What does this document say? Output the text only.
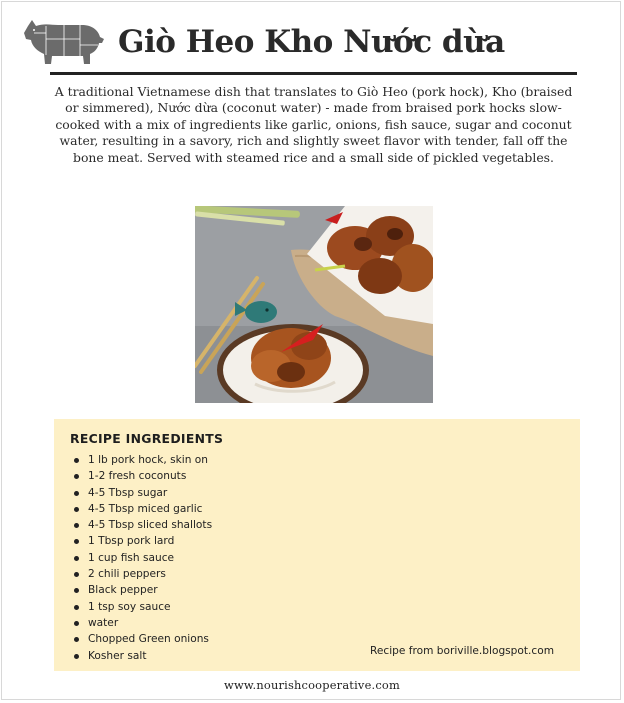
Giò Heo Kho Nước dừa

A traditional Vietnamese dish that translates to Giò Heo (pork hock), Kho (braised or simmered), Nước dừa (coconut water) - made from braised pork hocks slow-cooked with a mix of ingredients like garlic, onions, fish sauce, sugar and coconut water, resulting in a savory, rich and slightly sweet flavor with tender, fall off the bone meat. Served with steamed rice and a small side of pickled vegetables.

RECIPE INGREDIENTS
1 lb pork hock, skin on
1-2 fresh coconuts
4-5 Tbsp sugar
4-5 Tbsp miced garlic
4-5 Tbsp sliced shallots
1 Tbsp pork lard
1 cup fish sauce
2 chili peppers
Black pepper
1 tsp soy sauce
water
Chopped Green onions
Kosher salt	Recipe from boriville.blogspot.com
www.nourishcooperative.com
